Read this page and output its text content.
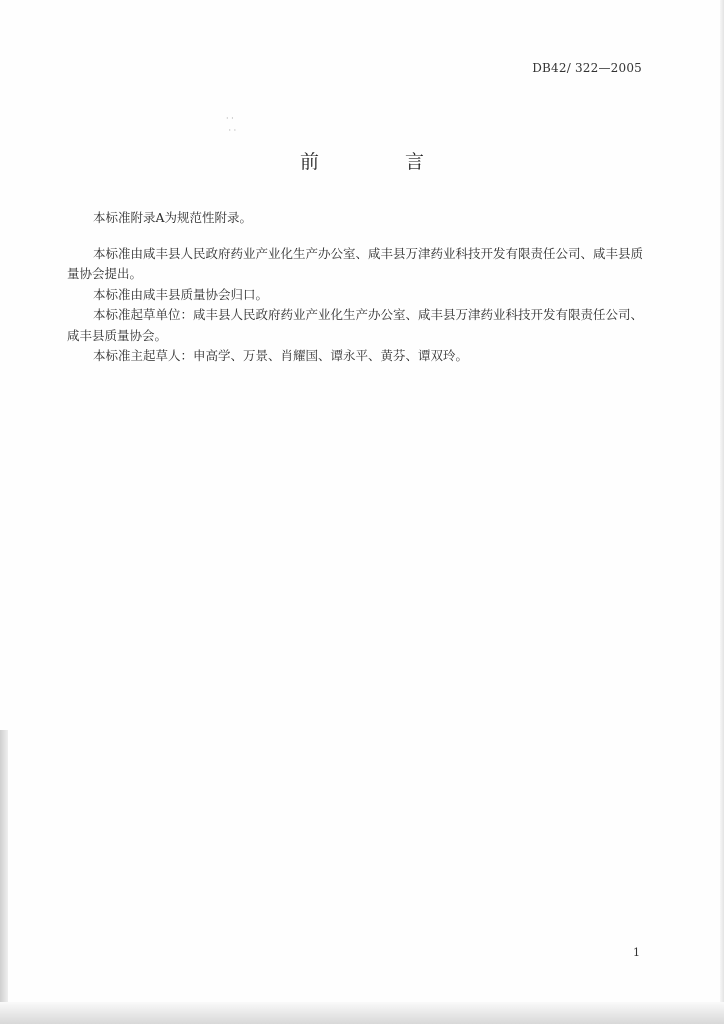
DB42/ 322—2005
· ·
· ·
前 言

本标准附录A为规范性附录。

本标准由咸丰县人民政府药业产业化生产办公室、咸丰县万津药业科技开发有限责任公司、咸丰县质量协会提出。

本标准由咸丰县质量协会归口。

本标准起草单位：咸丰县人民政府药业产业化生产办公室、咸丰县万津药业科技开发有限责任公司、咸丰县质量协会。

本标准主起草人：申高学、万景、肖耀国、谭永平、黄芬、谭双玲。

1
